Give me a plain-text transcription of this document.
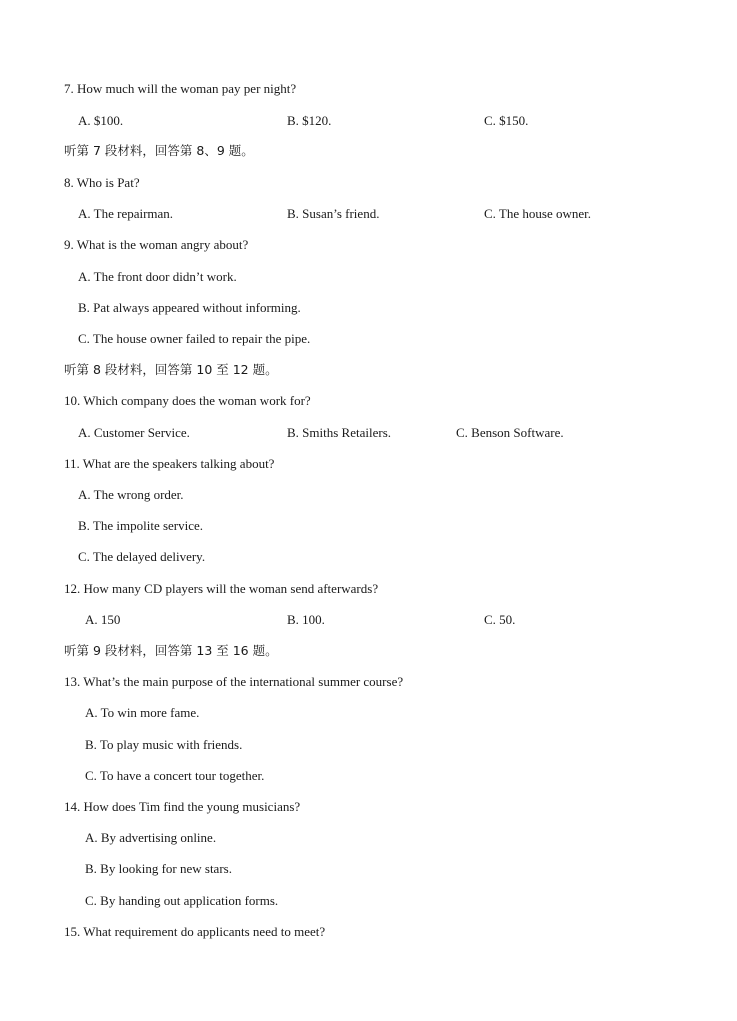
7. How much will the woman pay per night?
A. $100.	B. $120.	C. $150.
听第 7 段材料，回答第 8、9 题。
8. Who is Pat?
A. The repairman.	B. Susan’s friend.	C. The house owner.
9. What is the woman angry about?
A. The front door didn’t work.
B. Pat always appeared without informing.
C. The house owner failed to repair the pipe.
听第 8 段材料，回答第 10 至 12 题。
10. Which company does the woman work for?
A. Customer Service.	B. Smiths Retailers.	C. Benson Software.
11. What are the speakers talking about?
A. The wrong order.
B. The impolite service.
C. The delayed delivery.
12. How many CD players will the woman send afterwards?
A. 150	B. 100.	C. 50.
听第 9 段材料，回答第 13 至 16 题。
13. What’s the main purpose of the international summer course?
A. To win more fame.
B. To play music with friends.
C. To have a concert tour together.
14. How does Tim find the young musicians?
A. By advertising online.
B. By looking for new stars.
C. By handing out application forms.
15. What requirement do applicants need to meet?
